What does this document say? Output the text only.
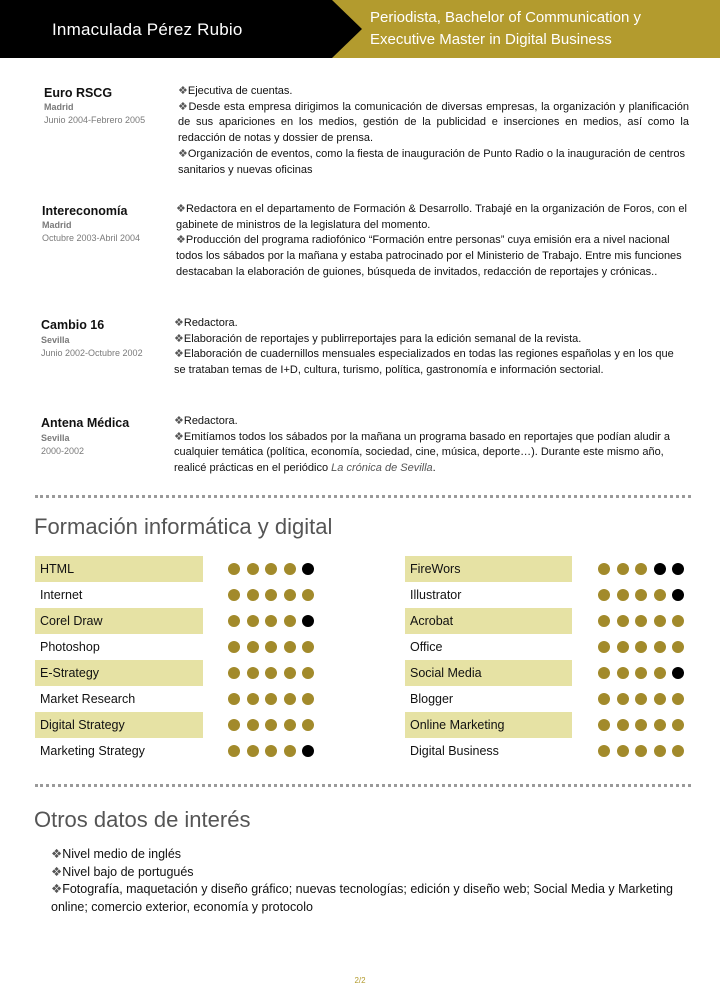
Inmaculada Pérez Rubio
Periodista, Bachelor of Communication y
Executive Master in Digital Business
Euro RSCG
Madrid
Junio 2004-Febrero 2005

❖Ejecutiva de cuentas.

❖Desde esta empresa dirigimos la comunicación de diversas empresas, la organización y planificación de sus apariciones en los medios, gestión de la publicidad e inserciones en medios, así como la redacción de notas y dossier de prensa.

❖Organización de eventos, como la fiesta de inauguración de Punto Radio o la inauguración de centros sanitarios y nuevas oficinas

Intereconomía
Madrid
Octubre 2003-Abril 2004

❖Redactora en el departamento de Formación & Desarrollo. Trabajé en la organización de Foros, con el gabinete de ministros de la legislatura del momento.

❖Producción del programa radiofónico “Formación entre personas” cuya emisión era a nivel nacional todos los sábados por la mañana y estaba patrocinado por el Ministerio de Trabajo. Entre mis funciones destacaban la elaboración de guiones, búsqueda de invitados, redacción de reportajes y crónicas..

Cambio 16
Sevilla
Junio 2002-Octubre 2002

❖Redactora.

❖Elaboración de reportajes y publirreportajes para la edición semanal de la revista.

❖Elaboración de cuadernillos mensuales especializados en todas las regiones españolas y en los que se trataban temas de I+D, cultura, turismo, política, gastronomía e información sectorial.

Antena Médica
Sevilla
2000-2002

❖Redactora.

❖Emitíamos todos los sábados por la mañana un programa basado en reportajes que podían aludir a cualquier temática (política, economía, sociedad, cine, música, deporte…). Durante este mismo año, realicé prácticas en el periódico La crónica de Sevilla.

Formación informática y digital
HTML
Internet
Corel Draw
Photoshop
E-Strategy
Market Research
Digital Strategy
Marketing Strategy
FireWors
Illustrator
Acrobat
Office
Social Media
Blogger
Online Marketing
Digital Business
Otros datos de interés

❖Nivel medio de inglés

❖Nivel bajo de portugués

❖Fotografía, maquetación y diseño gráfico; nuevas tecnologías; edición y diseño web; Social Media y Marketing online; comercio exterior, economía y protocolo

2/2
